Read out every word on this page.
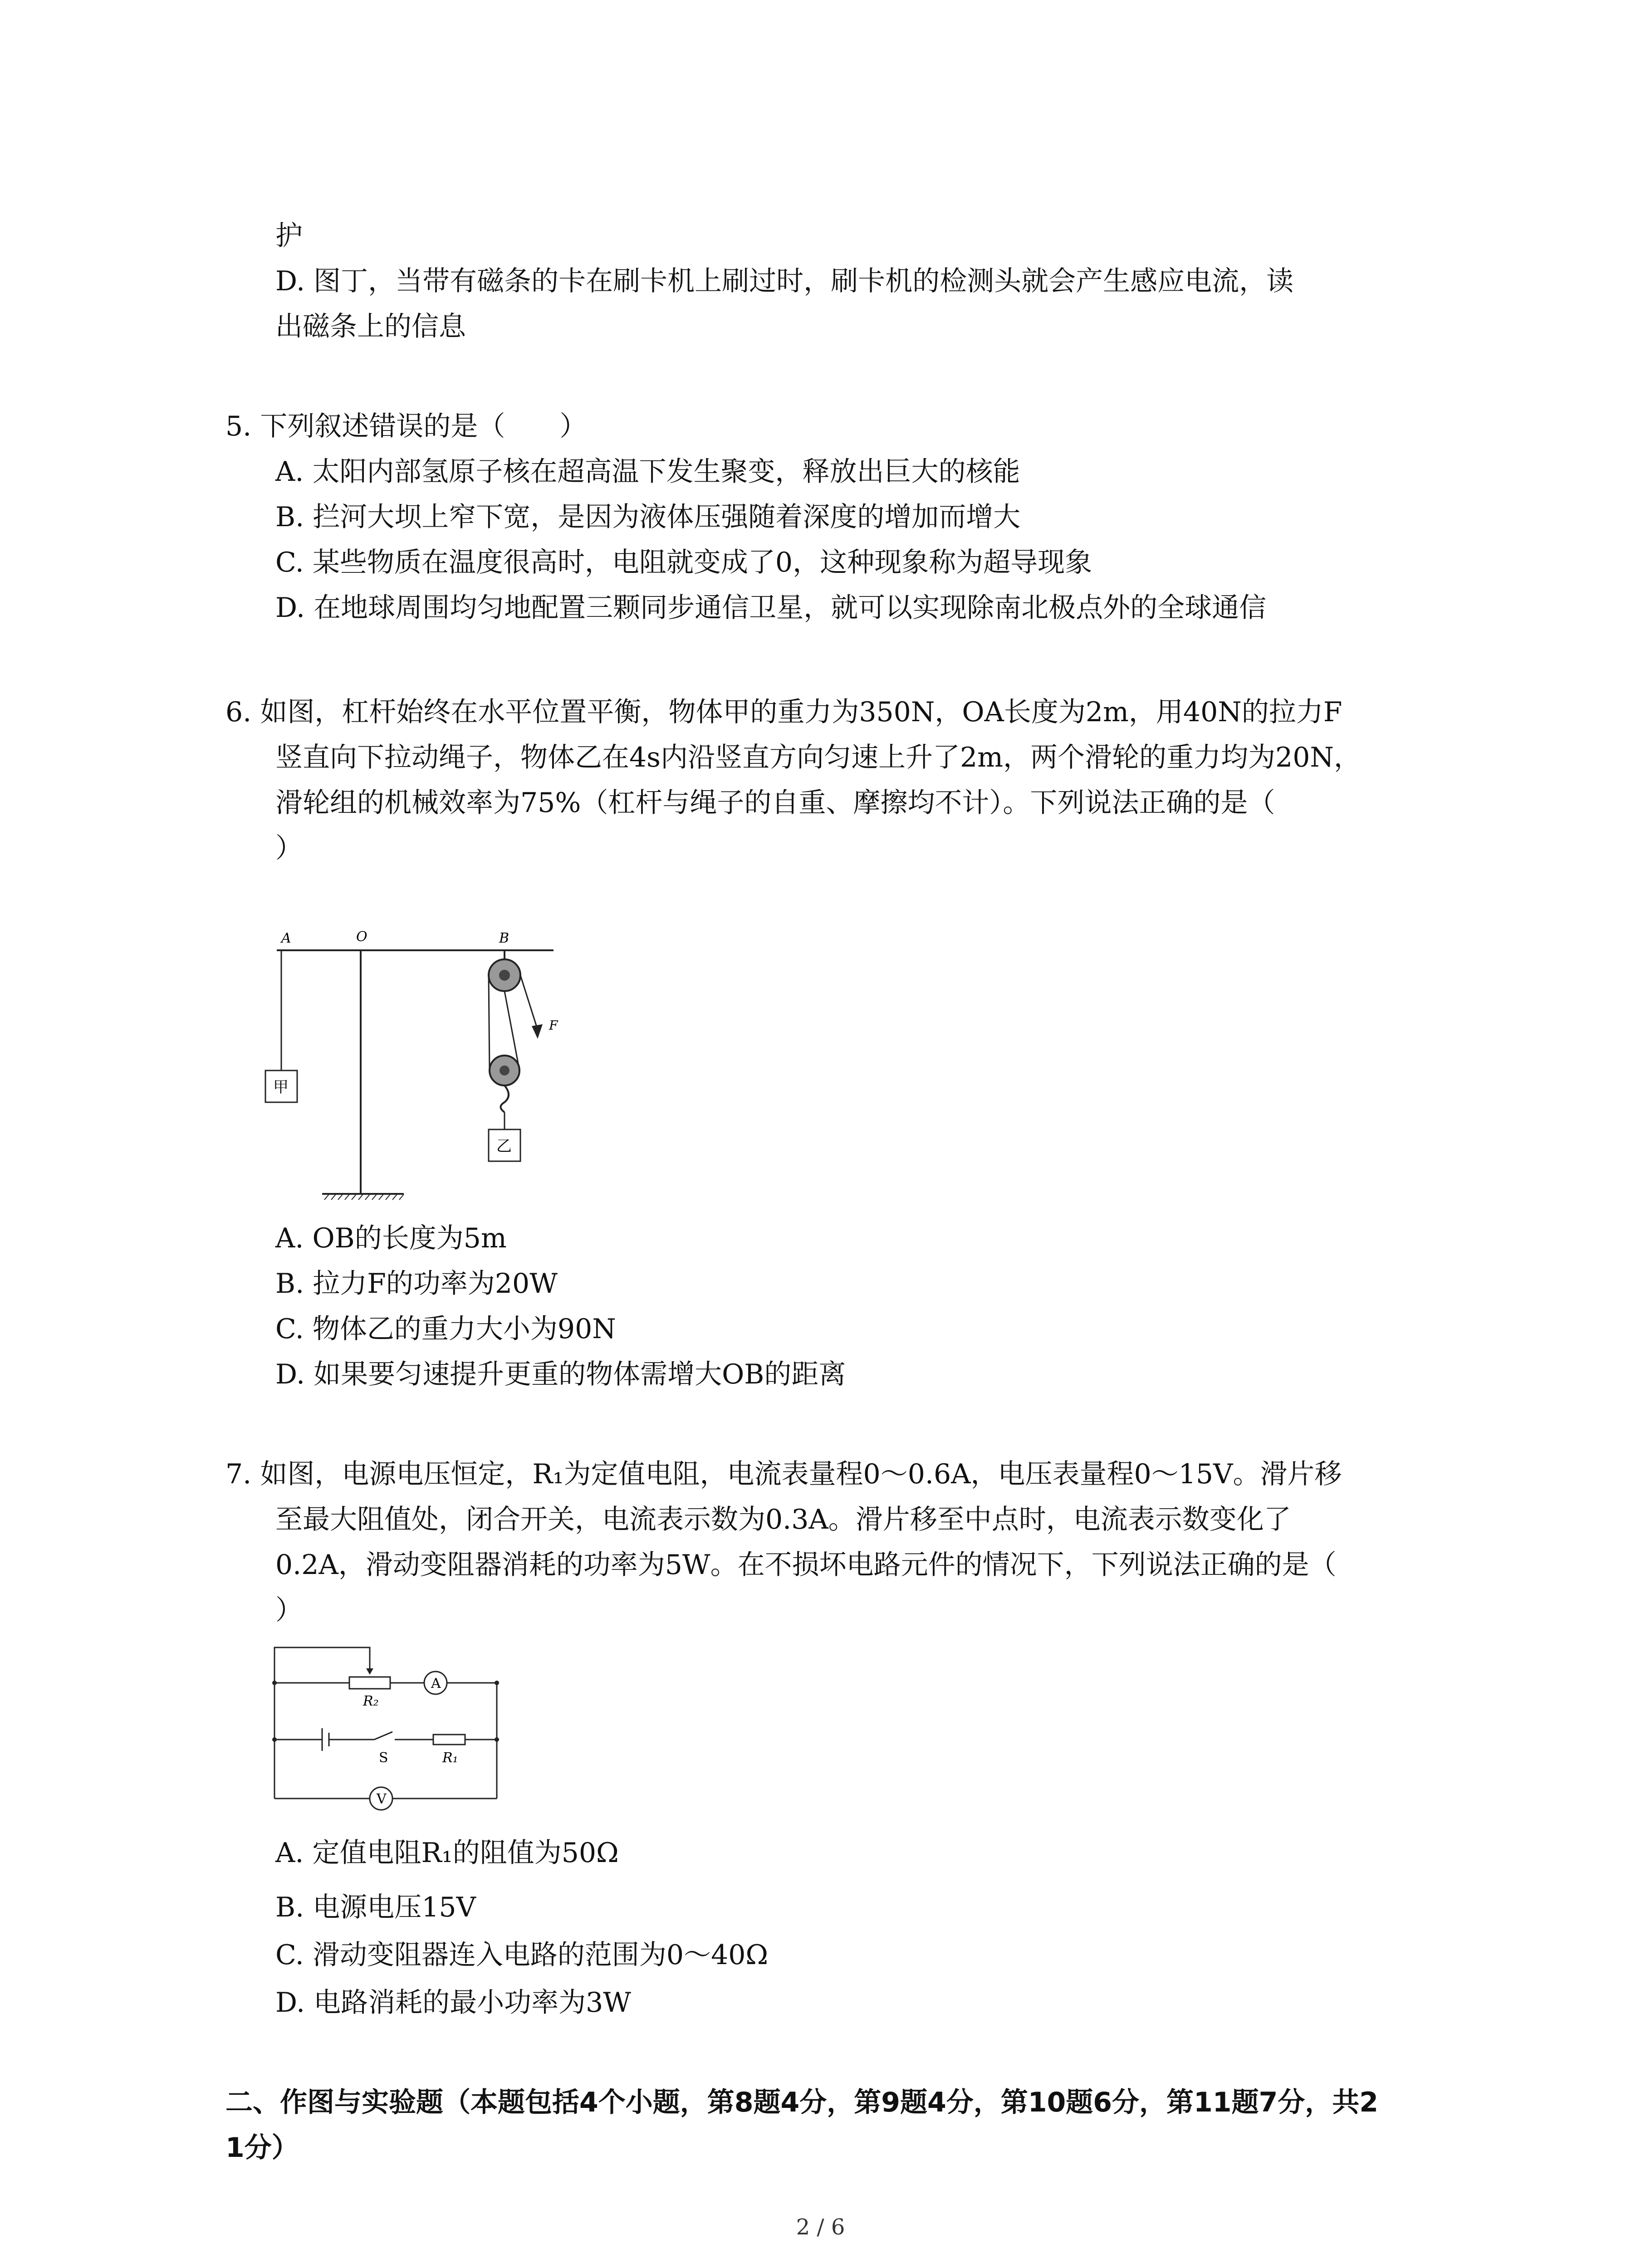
护
D. 图丁，当带有磁条的卡在刷卡机上刷过时，刷卡机的检测头就会产生感应电流，读
出磁条上的信息
5. 下列叙述错误的是（　　）
A. 太阳内部氢原子核在超高温下发生聚变，释放出巨大的核能
B. 拦河大坝上窄下宽，是因为液体压强随着深度的增加而增大
C. 某些物质在温度很高时，电阻就变成了0，这种现象称为超导现象
D. 在地球周围均匀地配置三颗同步通信卫星，就可以实现除南北极点外的全球通信
6. 如图，杠杆始终在水平位置平衡，物体甲的重力为350N，OA长度为2m，用40N的拉力F
竖直向下拉动绳子，物体乙在4s内沿竖直方向匀速上升了2m，两个滑轮的重力均为20N，
滑轮组的机械效率为75%（杠杆与绳子的自重、摩擦均不计）。下列说法正确的是（
）
A	O	B
甲
F
乙
A. OB的长度为5m
B. 拉力F的功率为20W
C. 物体乙的重力大小为90N
D. 如果要匀速提升更重的物体需增大OB的距离
7. 如图，电源电压恒定，R₁为定值电阻，电流表量程0～0.6A，电压表量程0～15V。滑片移
至最大阻值处，闭合开关，电流表示数为0.3A。滑片移至中点时，电流表示数变化了
0.2A，滑动变阻器消耗的功率为5W。在不损坏电路元件的情况下，下列说法正确的是（
）
A
V
R₂
S	R₁
A. 定值电阻R₁的阻值为50Ω
B. 电源电压15V
C. 滑动变阻器连入电路的范围为0～40Ω
D. 电路消耗的最小功率为3W
二、作图与实验题（本题包括4个小题，第8题4分，第9题4分，第10题6分，第11题7分，共2
1分）
2 / 6
